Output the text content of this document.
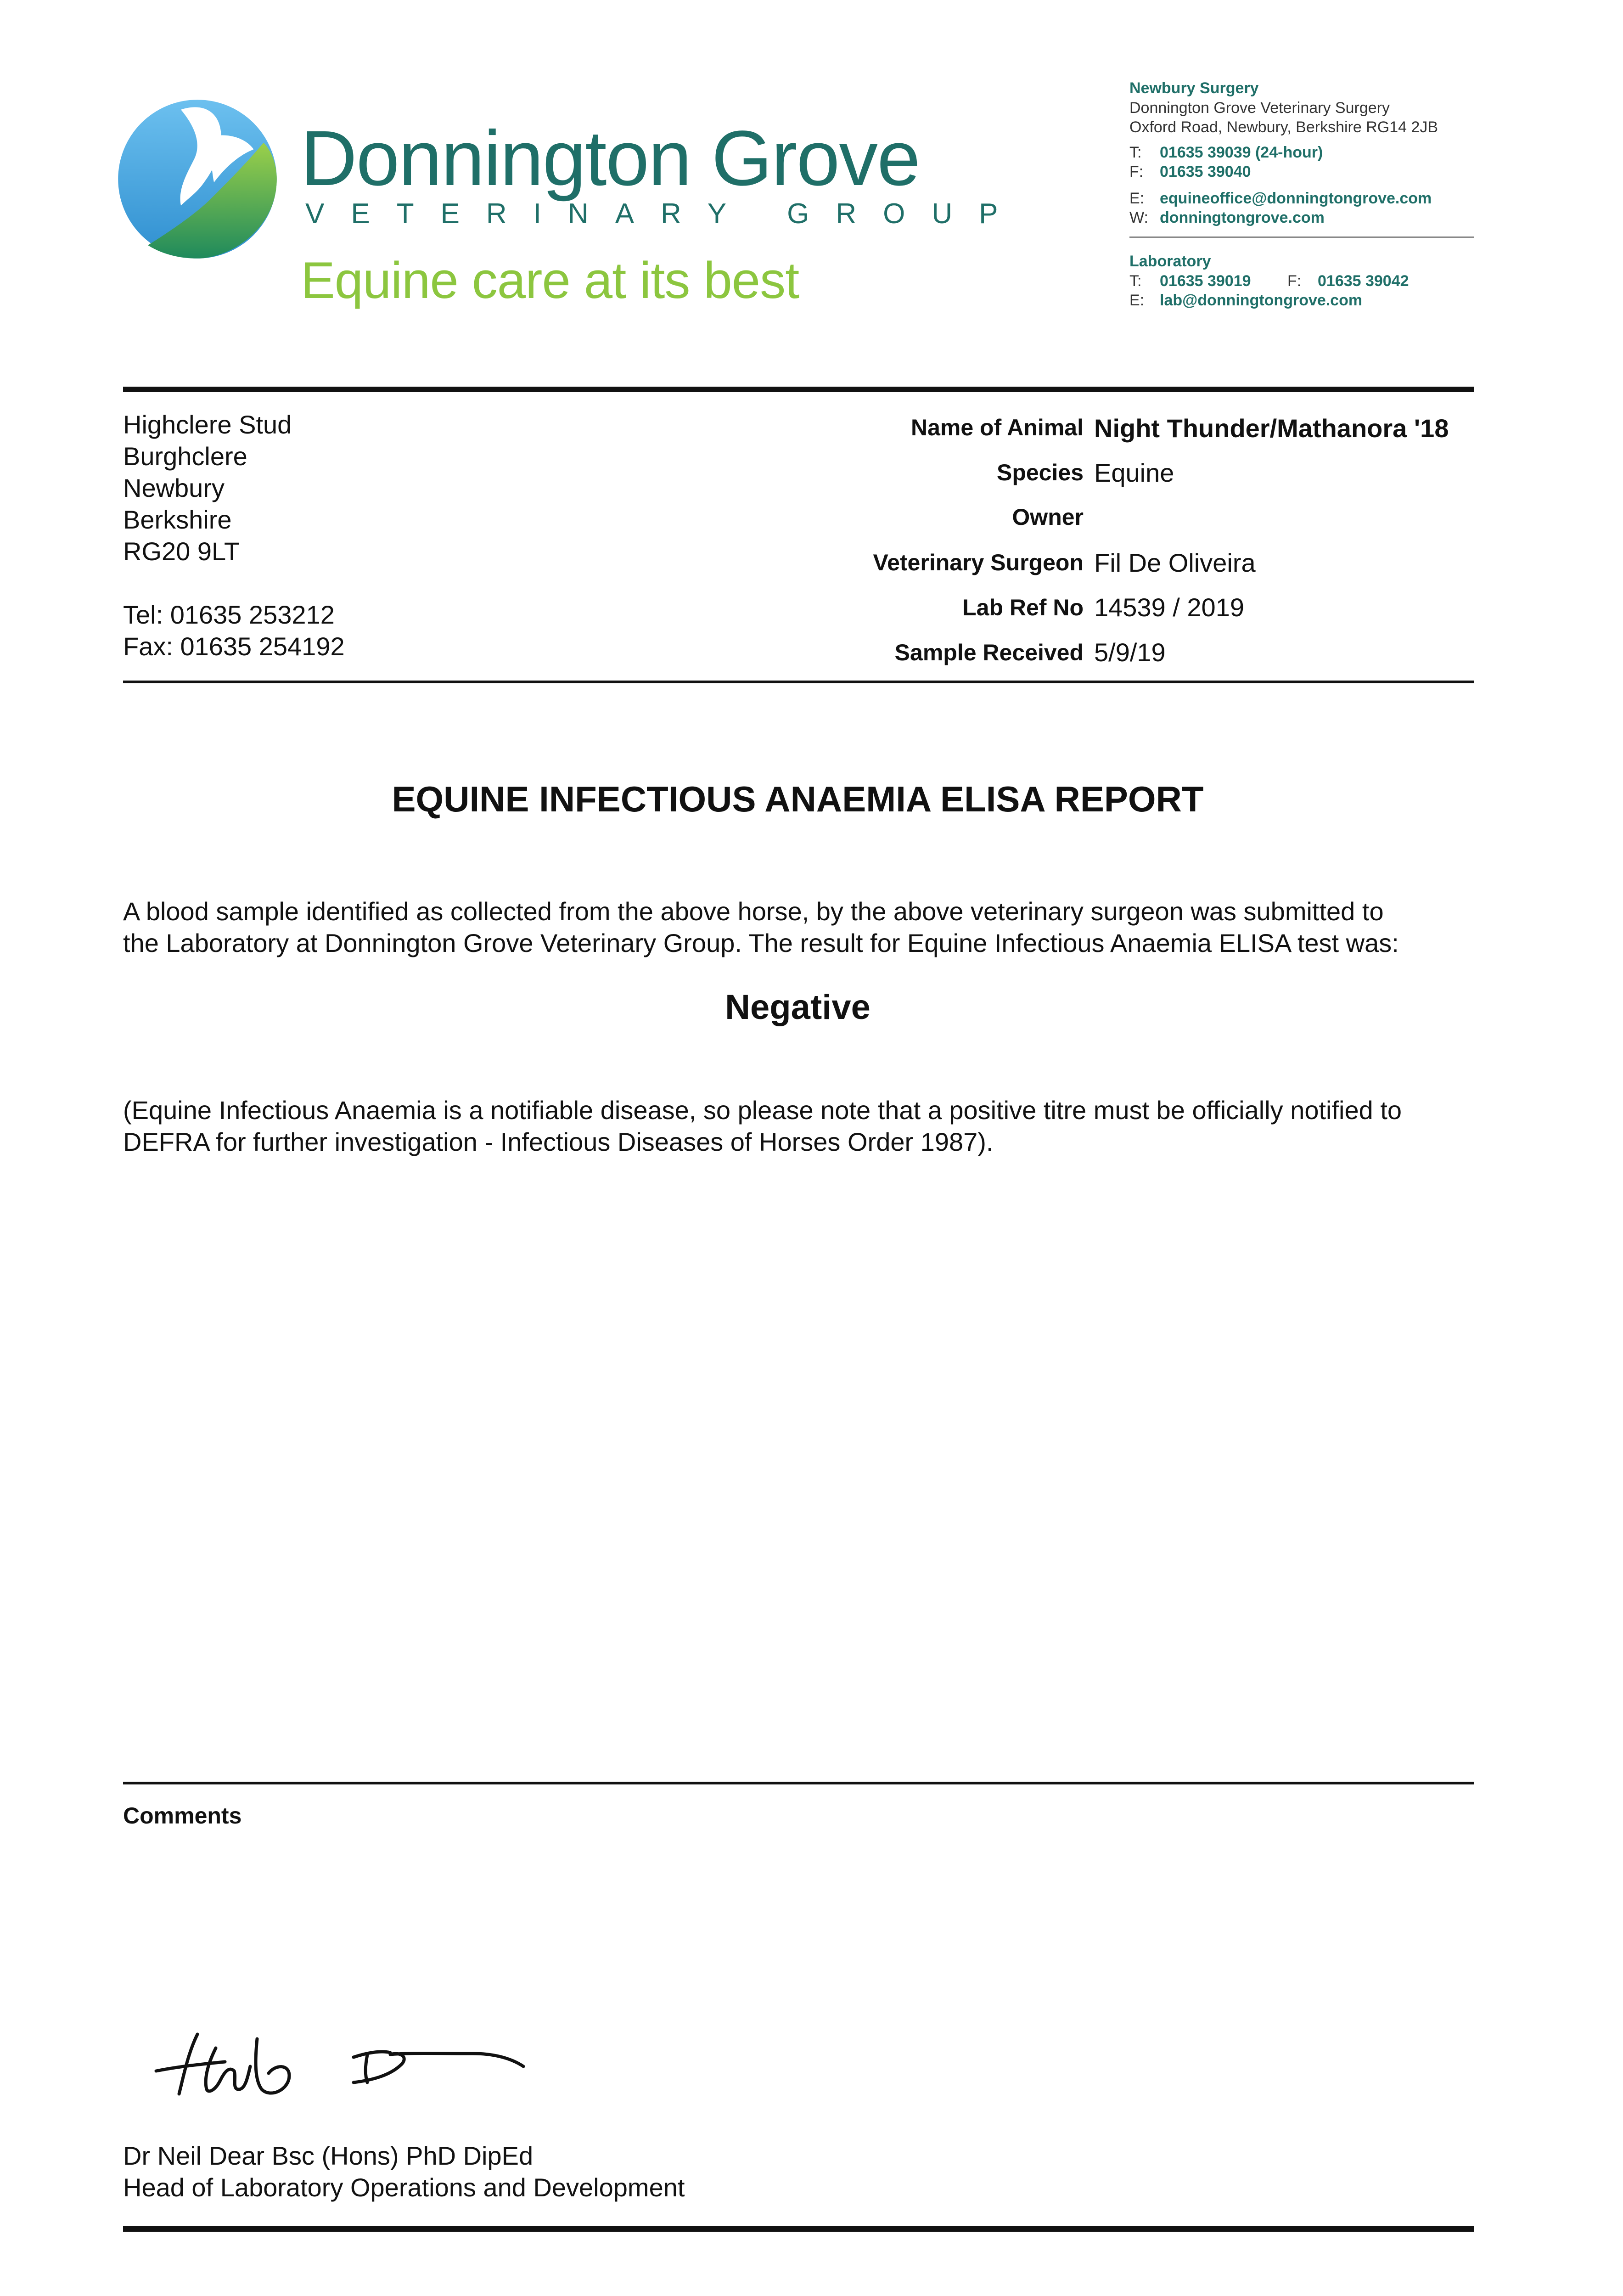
Donnington Grove
VETERINARY GROUP
Equine care at its best
Newbury Surgery
Donnington Grove Veterinary Surgery
Oxford Road, Newbury, Berkshire RG14 2JB
T: 01635 39039 (24-hour)
F: 01635 39040
E: equineoffice@donningtongrove.com
W: donningtongrove.com
Laboratory
T: 01635 39019 F: 01635 39042
E: lab@donningtongrove.com
Highclere Stud
Burghclere
Newbury
Berkshire
RG20 9LT
Tel: 01635 253212
Fax: 01635 254192
Name of Animal Night Thunder/Mathanora '18
Species Equine
Owner
Veterinary Surgeon Fil De Oliveira
Lab Ref No 14539 / 2019
Sample Received 5/9/19
EQUINE INFECTIOUS ANAEMIA ELISA REPORT
A blood sample identified as collected from the above horse, by the above veterinary surgeon was submitted to
the Laboratory at Donnington Grove Veterinary Group. The result for Equine Infectious Anaemia ELISA test was:
Negative
(Equine Infectious Anaemia is a notifiable disease, so please note that a positive titre must be officially notified to
DEFRA for further investigation - Infectious Diseases of Horses Order 1987).
Comments
Dr Neil Dear Bsc (Hons) PhD DipEd
Head of Laboratory Operations and Development
